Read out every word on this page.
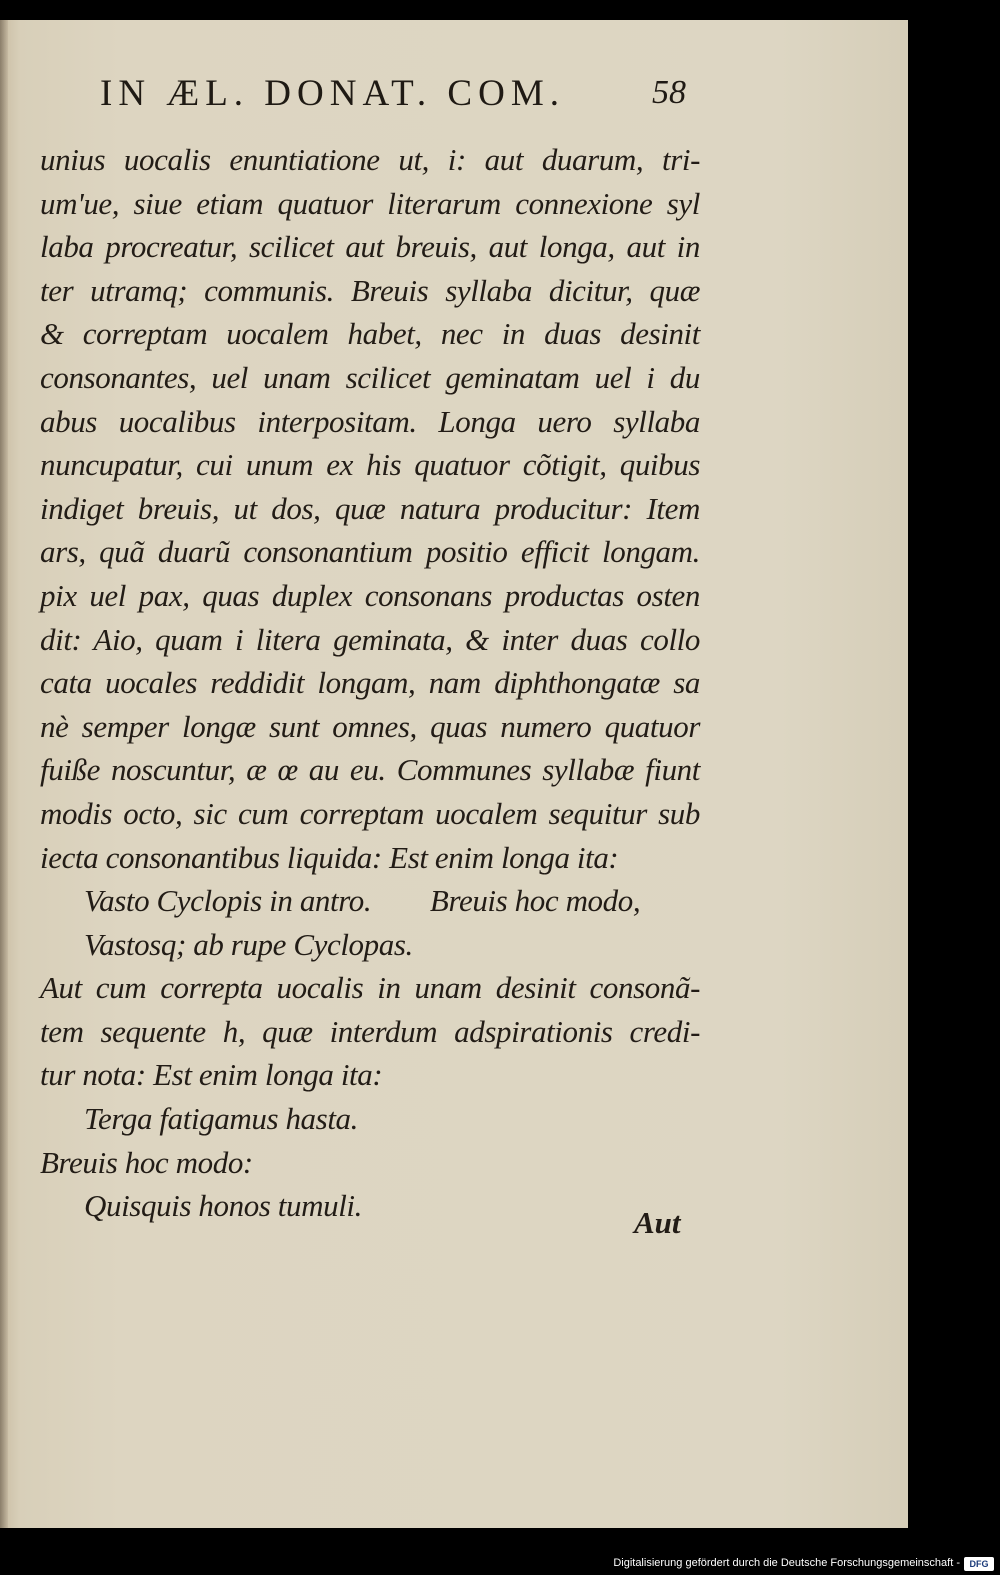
IN ÆL. DONAT. COM.	58
unius uocalis enuntiatione ut, i: aut duarum, tri-
um'ue, siue etiam quatuor literarum connexione syl
laba procreatur, scilicet aut breuis, aut longa, aut in
ter utramq; communis. Breuis syllaba dicitur, quæ
& correptam uocalem habet, nec in duas desinit
consonantes, uel unam scilicet geminatam uel i du
abus uocalibus interpositam. Longa uero syllaba
nuncupatur, cui unum ex his quatuor cõtigit, quibus
indiget breuis, ut dos, quæ natura producitur: Item
ars, quã duarũ consonantium positio efficit longam.
pix uel pax, quas duplex consonans productas osten
dit: Aio, quam i litera geminata, & inter duas collo
cata uocales reddidit longam, nam diphthongatæ sa
nè semper longæ sunt omnes, quas numero quatuor
fuiße noscuntur, æ œ au eu. Communes syllabæ fiunt
modis octo, sic cum correptam uocalem sequitur sub
iecta consonantibus liquida: Est enim longa ita:
Vasto Cyclopis in antro. Breuis hoc modo,
Vastosq; ab rupe Cyclopas.
Aut cum correpta uocalis in unam desinit consonã-
tem sequente h, quæ interdum adspirationis credi-
tur nota: Est enim longa ita:
Terga fatigamus hasta.
Breuis hoc modo:
Quisquis honos tumuli.	Aut
Digitalisierung gefördert durch die Deutsche Forschungsgemeinschaft -	DFG
